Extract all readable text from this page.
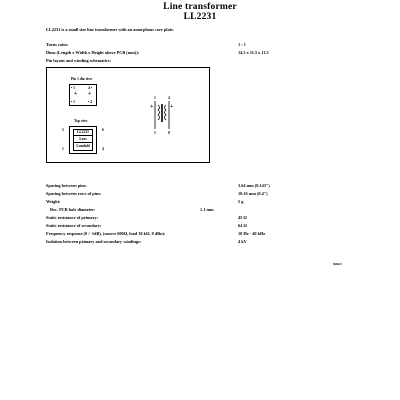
Line transformer
LL2231
LL2231 is a small size line transformer with an amorphous core plate.
Turns ratio:	1 : 1
Dims (Length x Width x Height above PCB (mm)):	14.5 x 11.5 x 11.5
Pin layout and winding schematics:
Pin 1 dia view
• 1	4 •
+ +
• 1	• 4
Top view
LL2231
Lars
Lundahl
5	6
1	4
+	+
1	4
5	8
Spacing between pins:	3.64 mm (0.143")
Spacing between rows of pins:	10.16 mm (0.4")
Weight:	5 g
Rec. PCB hole diameter:	1.1 mm
Static resistance of primary:	45 Ω
Static resistance of secondary:	64 Ω
Frequency response (0 / -1dB), (source 600Ω, load 10 kΩ, 0 dBu):	10 Hz - 40 kHz
Isolation between primary and secondary windings:	4 kV
060621
